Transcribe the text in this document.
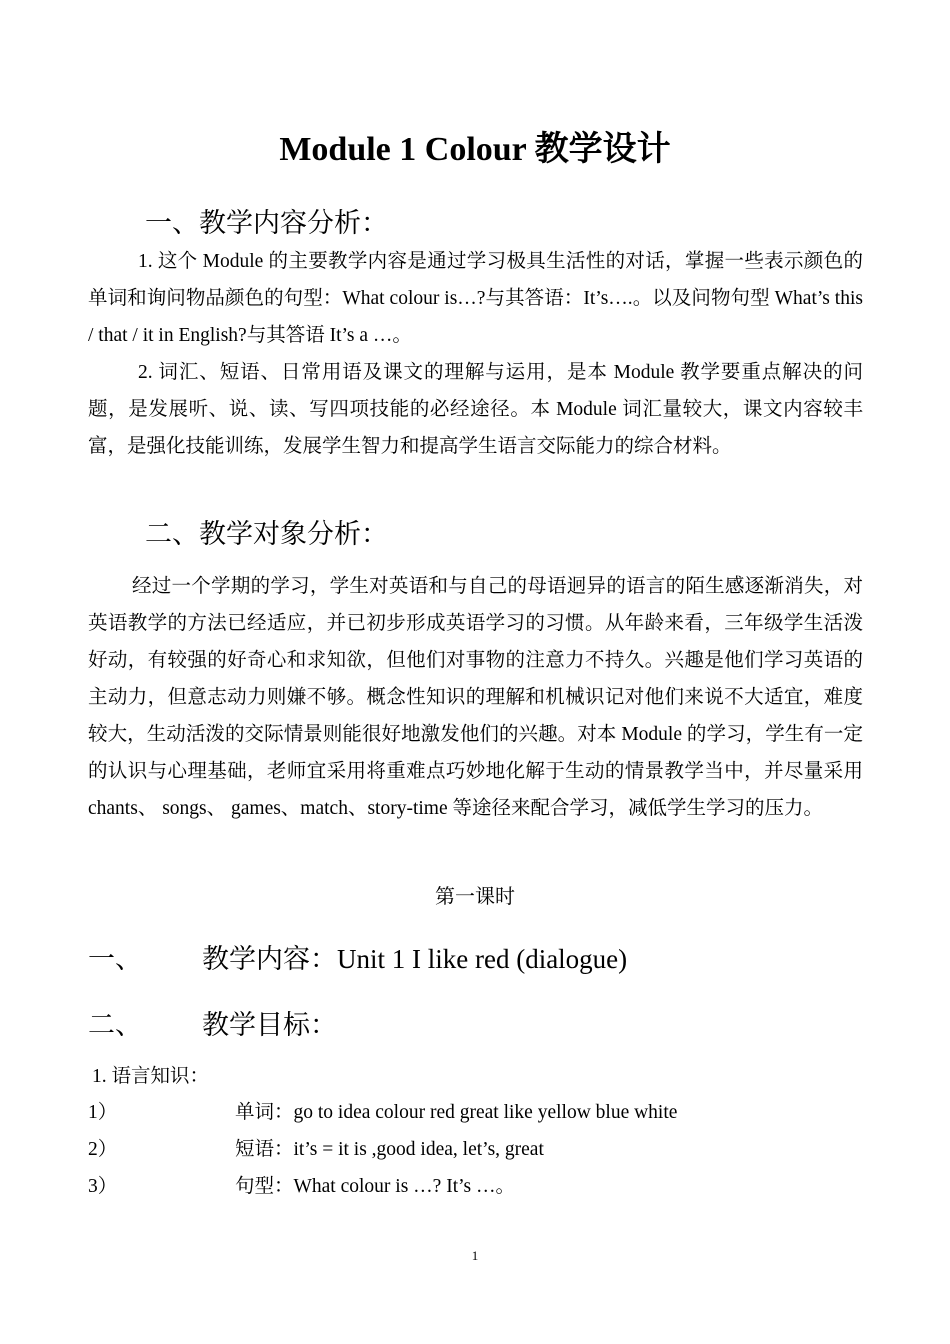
Module 1 Colour 教学设计
一、教学内容分析：
1. 这个 Module 的主要教学内容是通过学习极具生活性的对话，掌握一些表示颜色的单词和询问物品颜色的句型：What colour is…?与其答语：It’s….。以及问物句型 What’s this / that / it in English?与其答语 It’s a …。
2. 词汇、短语、日常用语及课文的理解与运用，是本 Module 教学要重点解决的问题，是发展听、说、读、写四项技能的必经途径。本 Module 词汇量较大，课文内容较丰富，是强化技能训练，发展学生智力和提高学生语言交际能力的综合材料。
二、教学对象分析：
经过一个学期的学习，学生对英语和与自己的母语迥异的语言的陌生感逐渐消失，对英语教学的方法已经适应，并已初步形成英语学习的习惯。从年龄来看，三年级学生活泼好动，有较强的好奇心和求知欲，但他们对事物的注意力不持久。兴趣是他们学习英语的主动力，但意志动力则嫌不够。概念性知识的理解和机械识记对他们来说不大适宜，难度较大，生动活泼的交际情景则能很好地激发他们的兴趣。对本 Module 的学习，学生有一定的认识与心理基础，老师宜采用将重难点巧妙地化解于生动的情景教学当中，并尽量采用 chants、 songs、 games、match、story-time 等途径来配合学习，减低学生学习的压力。
第一课时
一、 教学内容：Unit 1 I like red (dialogue)
二、 教学目标：
1. 语言知识：
1）	单词：go to idea colour red great like yellow blue white
2）	短语：it’s = it is ,good idea, let’s, great
3）	句型：What colour is …? It’s …。
1
